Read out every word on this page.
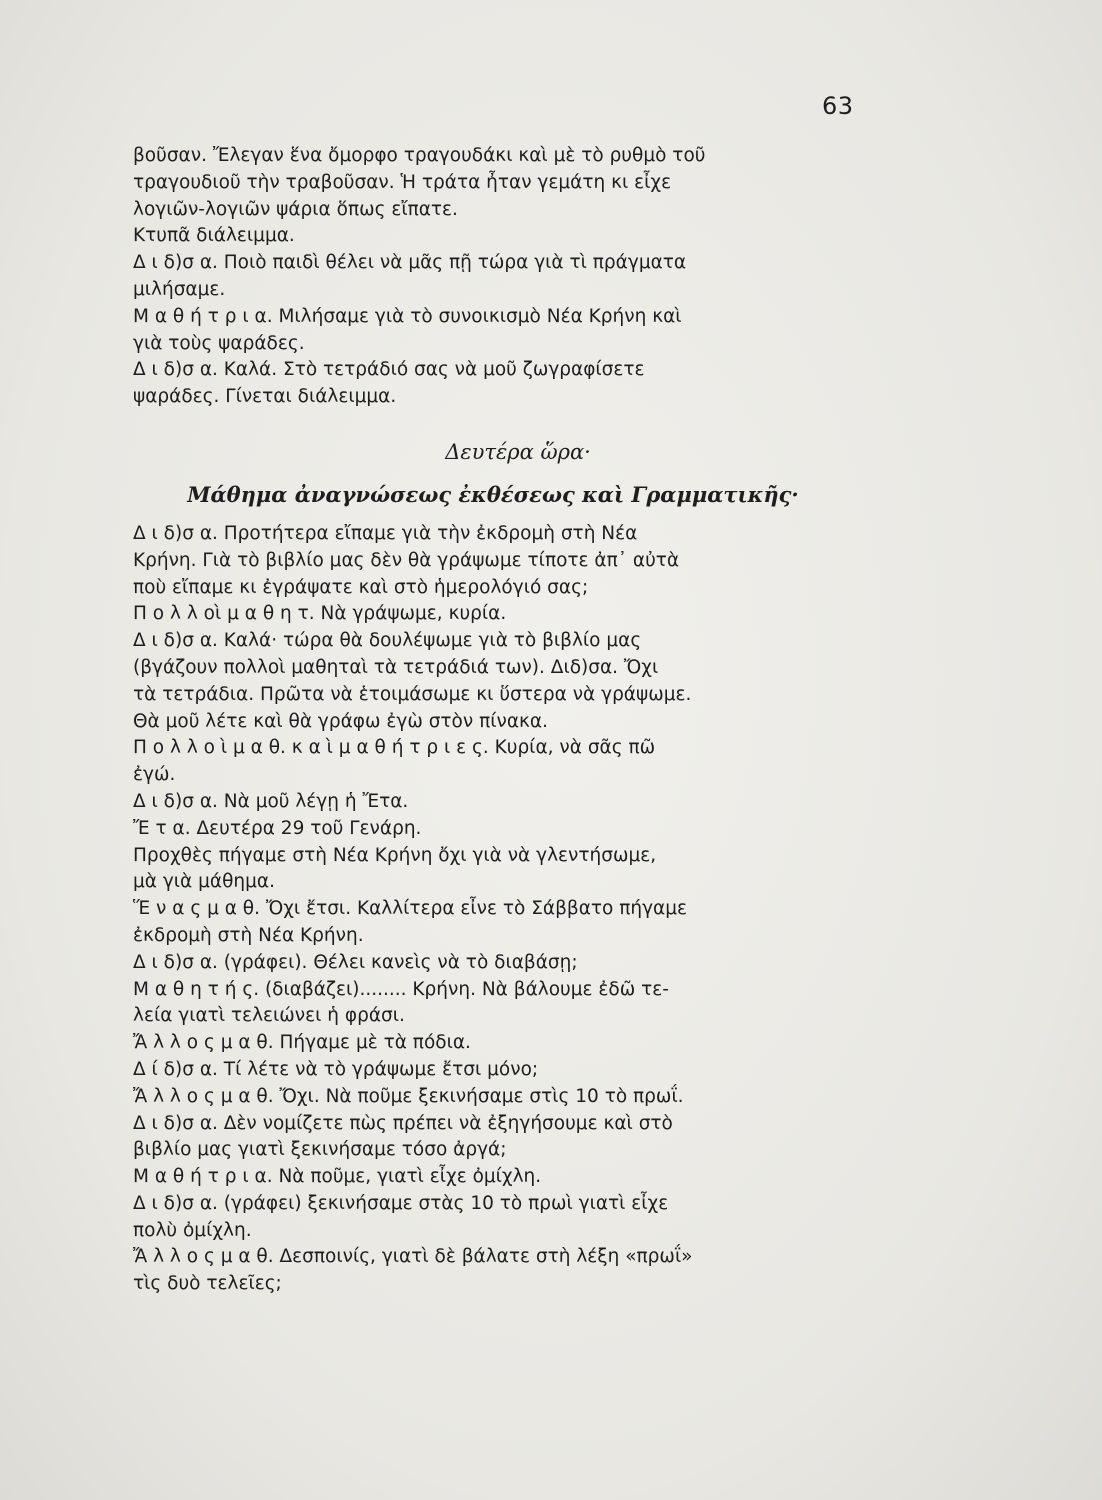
63
βοῦσαν. Ἔλεγαν ἕνα ὄμορφο τραγουδάκι καὶ μὲ τὸ ρυθμὸ τοῦ
τραγουδιοῦ τὴν τραβοῦσαν. Ἡ τράτα ἦταν γεμάτη κι εἶχε
λογιῶν-λογιῶν ψάρια ὅπως εἴπατε.
Κτυπᾶ διάλειμμα.
Δ ι δ)σ α. Ποιὸ παιδὶ θέλει νὰ μᾶς πῇ τώρα γιὰ τὶ πράγματα
μιλήσαμε.
Μ α θ ή τ ρ ι α. Μιλήσαμε γιὰ τὸ συνοικισμὸ Νέα Κρήνη καὶ
γιὰ τοὺς ψαράδες.
Δ ι δ)σ α. Καλά. Στὸ τετράδιό σας νὰ μοῦ ζωγραφίσετε
ψαράδες. Γίνεται διάλειμμα.
Δευτέρα ὥρα·
Μάθημα ἀναγνώσεως ἐκθέσεως καὶ Γραμματικῆς·
Δ ι δ)σ α. Προτήτερα εἴπαμε γιὰ τὴν ἐκδρομὴ στὴ Νέα
Κρήνη. Γιὰ τὸ βιβλίο μας δὲν θὰ γράψωμε τίποτε ἀπ᾽ αὐτὰ
ποὺ εἴπαμε κι ἐγράψατε καὶ στὸ ἡμερολόγιό σας;
Π ο λ λ οὶ μ α θ η τ. Νὰ γράψωμε, κυρία.
Δ ι δ)σ α. Καλά· τώρα θὰ δουλέψωμε γιὰ τὸ βιβλίο μας
(βγάζουν πολλοὶ μαθηταὶ τὰ τετράδιά των). Διδ)σα. Ὄχι
τὰ τετράδια. Πρῶτα νὰ ἑτοιμάσωμε κι ὕστερα νὰ γράψωμε.
Θὰ μοῦ λέτε καὶ θὰ γράφω ἐγὼ στὸν πίνακα.
Π ο λ λ ο ὶ μ α θ. κ α ὶ μ α θ ή τ ρ ι ε ς. Κυρία, νὰ σᾶς πῶ
ἐγώ.
Δ ι δ)σ α. Νὰ μοῦ λέγῃ ἡ Ἔτα.
Ἔ τ α. Δευτέρα 29 τοῦ Γενάρη.
Προχθὲς πήγαμε στὴ Νέα Κρήνη ὄχι γιὰ νὰ γλεντήσωμε,
μὰ γιὰ μάθημα.
Ἕ ν α ς μ α θ. Ὄχι ἔτσι. Καλλίτερα εἶνε τὸ Σάββατο πήγαμε
ἐκδρομὴ στὴ Νέα Κρήνη.
Δ ι δ)σ α. (γράφει). Θέλει κανεὶς νὰ τὸ διαβάσῃ;
Μ α θ η τ ή ς. (διαβάζει)........ Κρήνη. Νὰ βάλουμε ἐδῶ τε-
λεία γιατὶ τελειώνει ἡ φράσι.
Ἄ λ λ ο ς μ α θ. Πήγαμε μὲ τὰ πόδια.
Δ ί δ)σ α. Τί λέτε νὰ τὸ γράψωμε ἔτσι μόνο;
Ἄ λ λ ο ς μ α θ. Ὄχι. Νὰ ποῦμε ξεκινήσαμε στὶς 10 τὸ πρωΐ.
Δ ι δ)σ α. Δὲν νομίζετε πὼς πρέπει νὰ ἐξηγήσουμε καὶ στὸ
βιβλίο μας γιατὶ ξεκινήσαμε τόσο ἀργά;
Μ α θ ή τ ρ ι α. Νὰ ποῦμε, γιατὶ εἶχε ὀμίχλη.
Δ ι δ)σ α. (γράφει) ξεκινήσαμε στὰς 10 τὸ πρωὶ γιατὶ εἶχε
πολὺ ὀμίχλη.
Ἄ λ λ ο ς μ α θ. Δεσποινίς, γιατὶ δὲ βάλατε στὴ λέξη «πρωΐ»
τὶς δυὸ τελεῖες;
